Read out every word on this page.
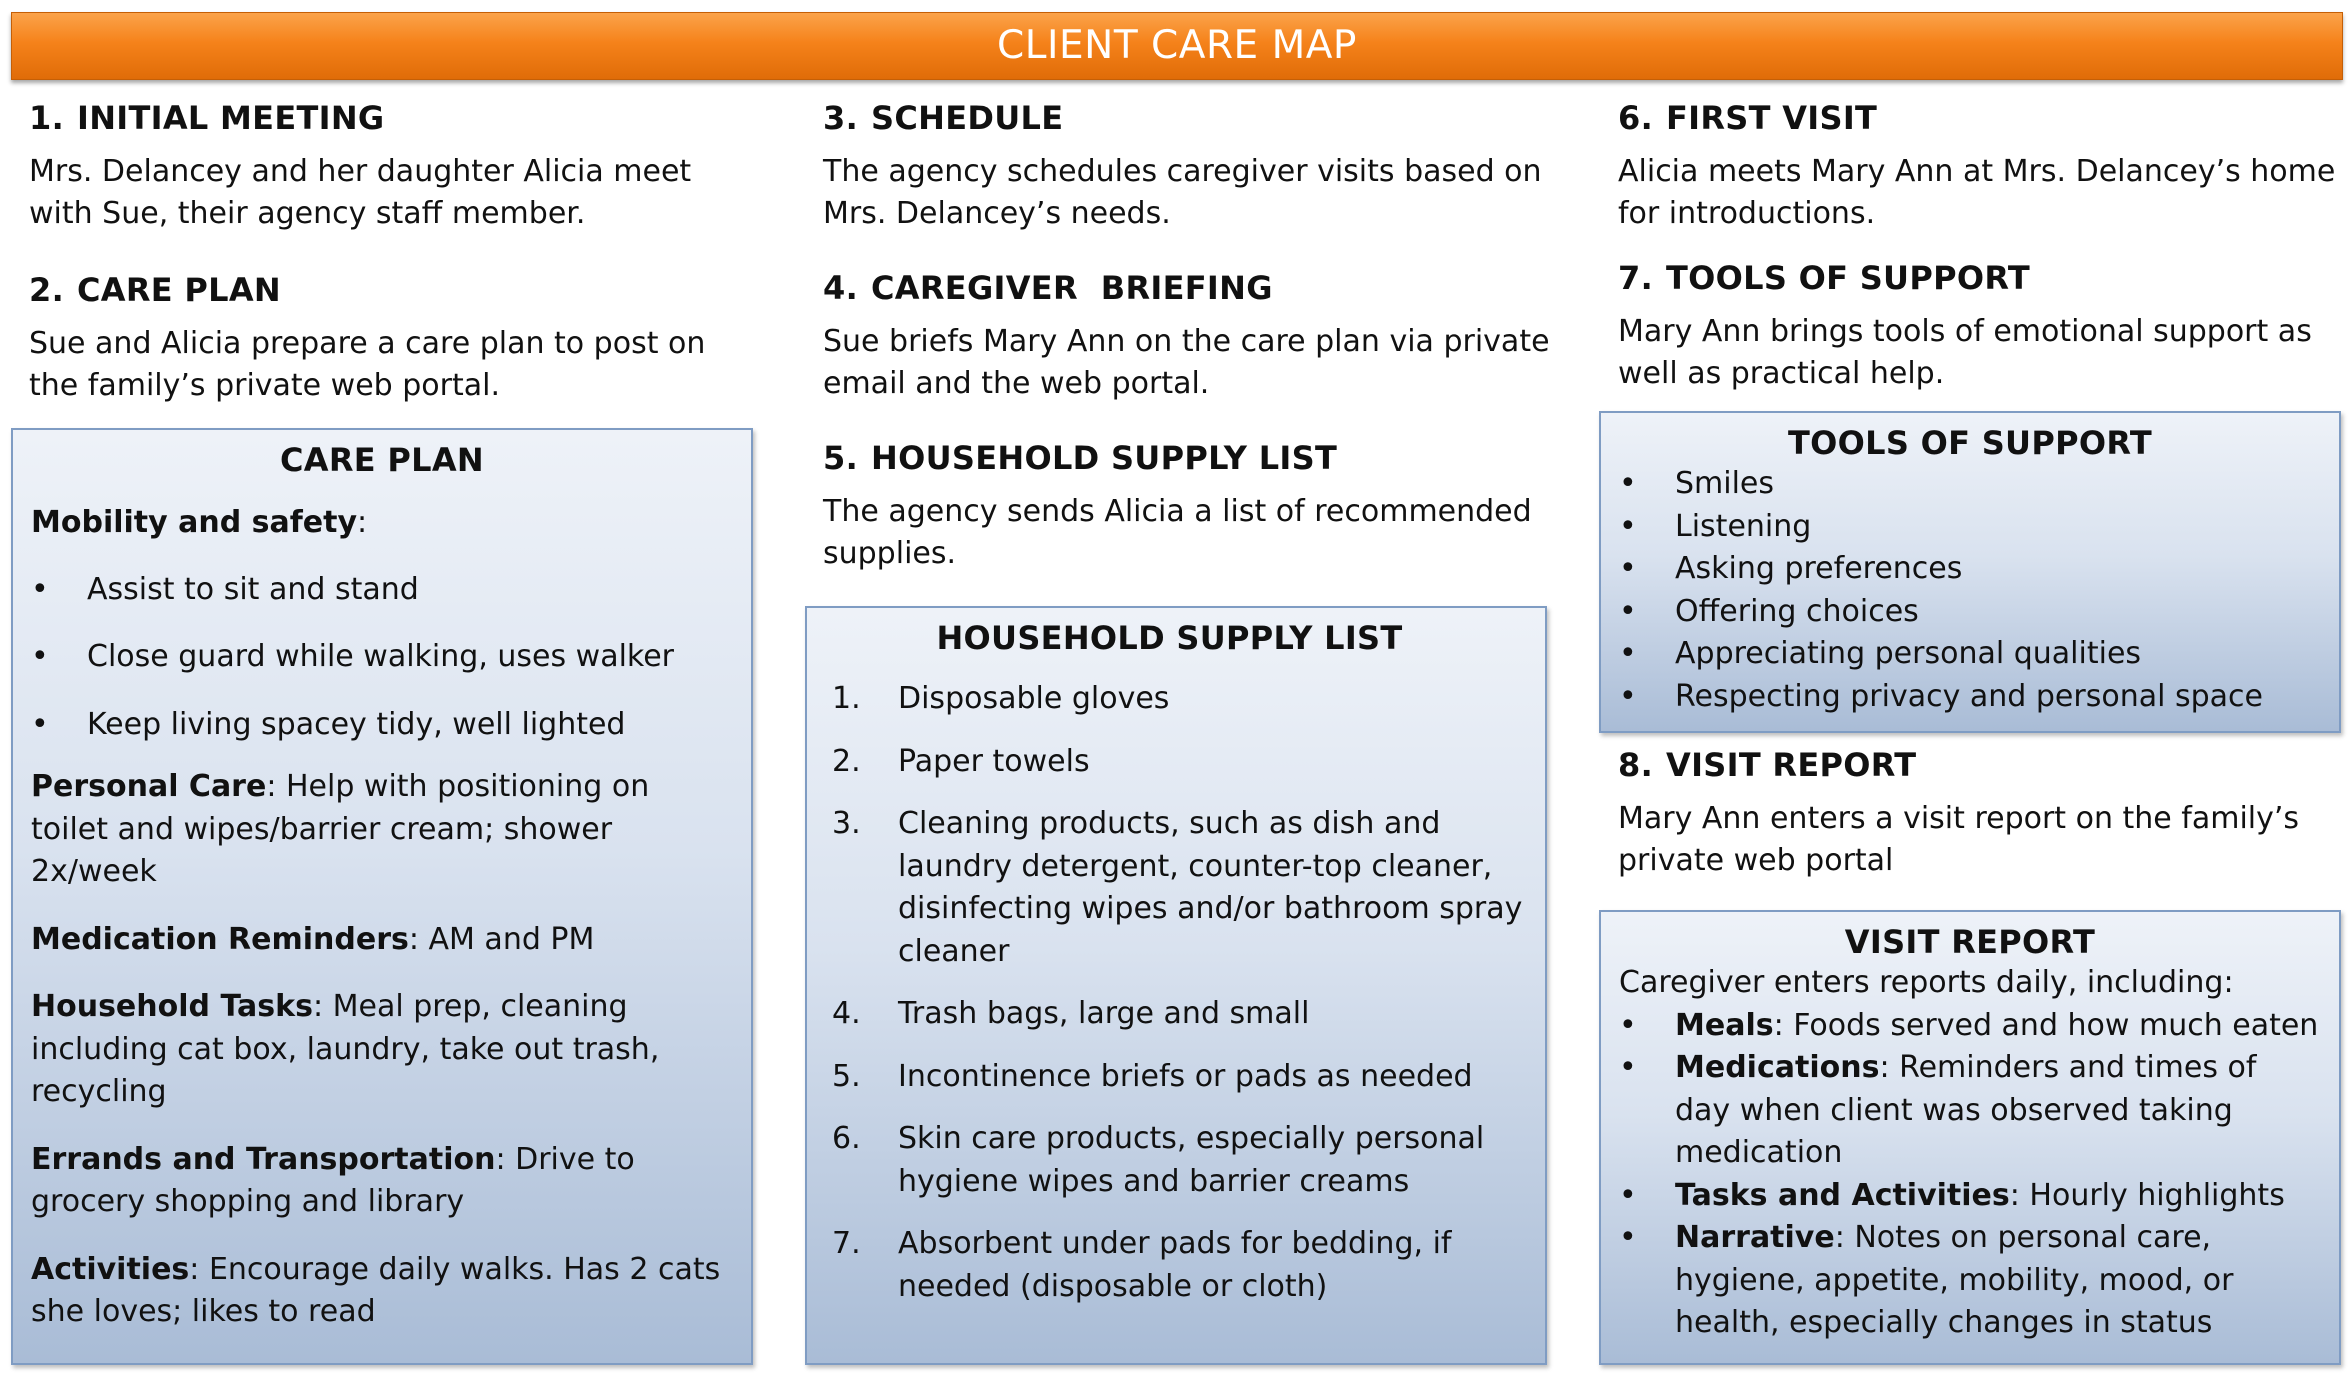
CLIENT CARE MAP
1. INITIAL MEETING

Mrs. Delancey and her daughter Alicia meet with Sue, their agency staff member.

2. CARE PLAN

Sue and Alicia prepare a care plan to post on the family’s private web portal.

CARE PLAN

Mobility and safety:

• Assist to sit and stand
• Close guard while walking, uses walker
• Keep living spacey tidy, well lighted

Personal Care: Help with positioning on toilet and wipes/barrier cream; shower 2x/week

Medication Reminders: AM and PM

Household Tasks: Meal prep, cleaning including cat box, laundry, take out trash, recycling

Errands and Transportation: Drive to grocery shopping and library

Activities: Encourage daily walks. Has 2 cats she loves; likes to read

3. SCHEDULE

The agency schedules caregiver visits based on Mrs. Delancey’s needs.

4. CAREGIVER  BRIEFING

Sue briefs Mary Ann on the care plan via private email and the web portal.

5. HOUSEHOLD SUPPLY LIST

The agency sends Alicia a list of recommended supplies.

HOUSEHOLD SUPPLY LIST
1. Disposable gloves
2. Paper towels
3. Cleaning products, such as dish and laundry detergent, counter-top cleaner, disinfecting wipes and/or bathroom spray cleaner
4. Trash bags, large and small
5. Incontinence briefs or pads as needed
6. Skin care products, especially personal hygiene wipes and barrier creams
7. Absorbent under pads for bedding, if needed (disposable or cloth)
6. FIRST VISIT

Alicia meets Mary Ann at Mrs. Delancey’s home for introductions.

7. TOOLS OF SUPPORT

Mary Ann brings tools of emotional support as well as practical help.

8. VISIT REPORT

Mary Ann enters a visit report on the family’s private web portal

TOOLS OF SUPPORT
• Smiles
• Listening
• Asking preferences
• Offering choices
• Appreciating personal qualities
• Respecting privacy and personal space
VISIT REPORT

Caregiver enters reports daily, including:

• Meals: Foods served and how much eaten
• Medications: Reminders and times of day when client was observed taking medication
• Tasks and Activities: Hourly highlights
• Narrative: Notes on personal care, hygiene, appetite, mobility, mood, or health, especially changes in status
